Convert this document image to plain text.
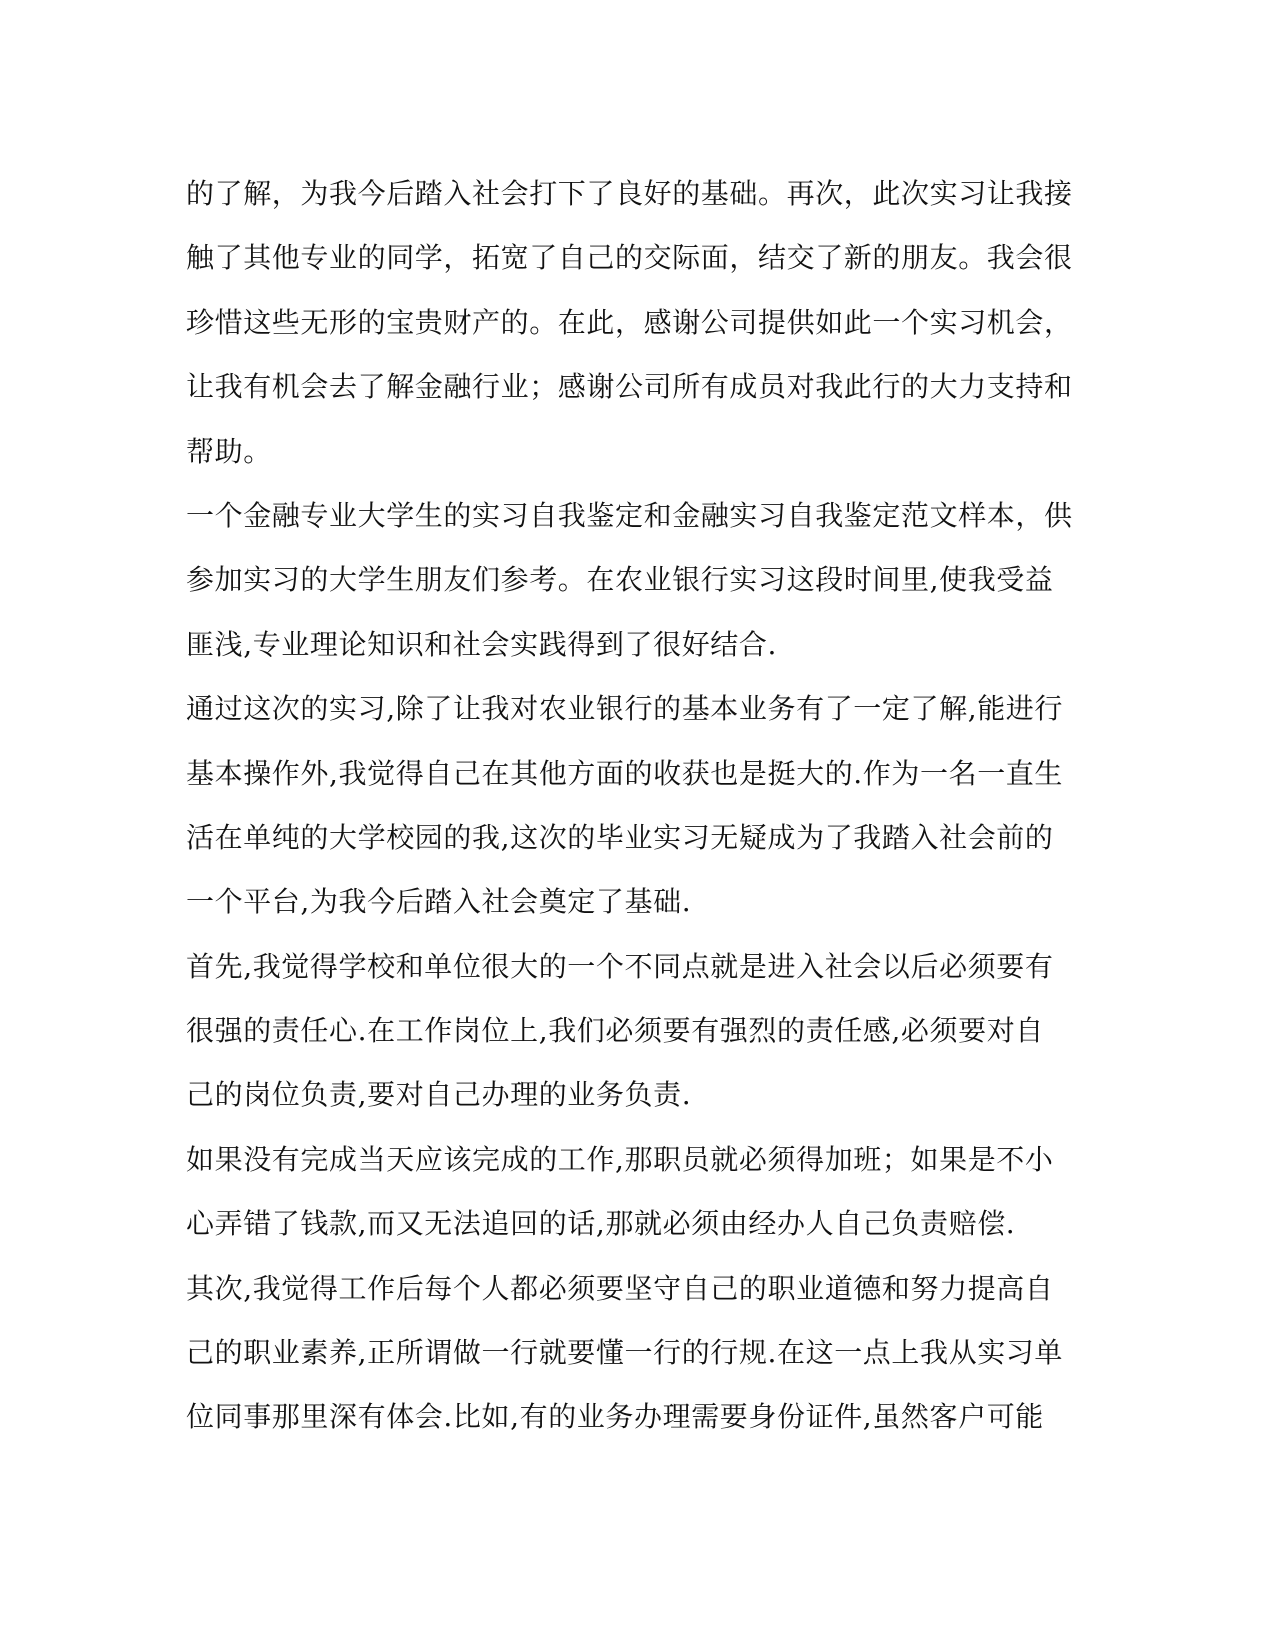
的了解，为我今后踏入社会打下了良好的基础。再次，此次实习让我接
触了其他专业的同学，拓宽了自己的交际面，结交了新的朋友。我会很
珍惜这些无形的宝贵财产的。在此，感谢公司提供如此一个实习机会，
让我有机会去了解金融行业；感谢公司所有成员对我此行的大力支持和
帮助。
一个金融专业大学生的实习自我鉴定和金融实习自我鉴定范文样本，供
参加实习的大学生朋友们参考。在农业银行实习这段时间里,使我受益
匪浅,专业理论知识和社会实践得到了很好结合.
通过这次的实习,除了让我对农业银行的基本业务有了一定了解,能进行
基本操作外,我觉得自己在其他方面的收获也是挺大的.作为一名一直生
活在单纯的大学校园的我,这次的毕业实习无疑成为了我踏入社会前的
一个平台,为我今后踏入社会奠定了基础.
首先,我觉得学校和单位很大的一个不同点就是进入社会以后必须要有
很强的责任心.在工作岗位上,我们必须要有强烈的责任感,必须要对自
己的岗位负责,要对自己办理的业务负责.
如果没有完成当天应该完成的工作,那职员就必须得加班；如果是不小
心弄错了钱款,而又无法追回的话,那就必须由经办人自己负责赔偿.
其次,我觉得工作后每个人都必须要坚守自己的职业道德和努力提高自
己的职业素养,正所谓做一行就要懂一行的行规.在这一点上我从实习单
位同事那里深有体会.比如,有的业务办理需要身份证件,虽然客户可能
